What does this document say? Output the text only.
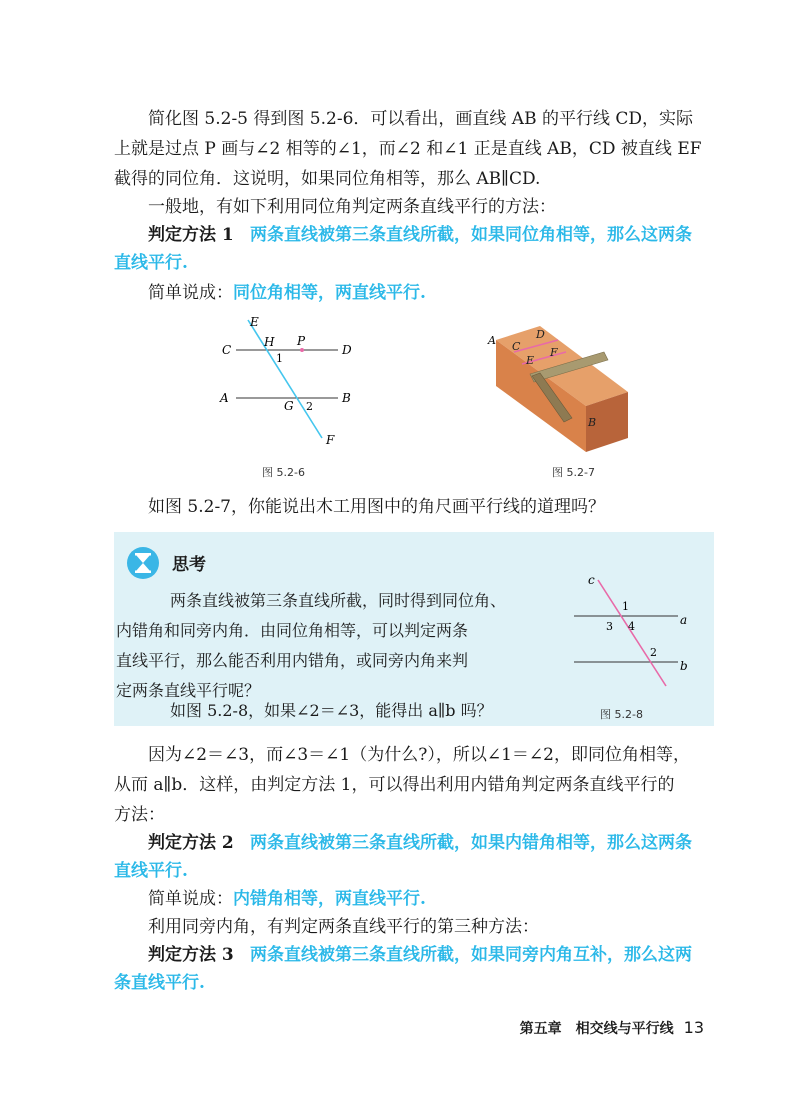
简化图 5.2-5 得到图 5.2-6．可以看出，画直线 AB 的平行线 CD，实际
上就是过点 P 画与∠2 相等的∠1，而∠2 和∠1 正是直线 AB，CD 被直线 EF
截得的同位角．这说明，如果同位角相等，那么 AB∥CD.
一般地，有如下利用同位角判定两条直线平行的方法：
判定方法 1 两条直线被第三条直线所截，如果同位角相等，那么这两条
直线平行.
简单说成：同位角相等，两直线平行.
E
H P
C	D
1
A
G 2
B
F
图 5.2-6
A C
D
E
F
B
图 5.2-7
如图 5.2-7，你能说出木工用图中的角尺画平行线的道理吗？
思考
两条直线被第三条直线所截，同时得到同位角、
内错角和同旁内角．由同位角相等，可以判定两条
直线平行，那么能否利用内错角，或同旁内角来判
定两条直线平行呢？
如图 5.2-8，如果∠2＝∠3，能得出 a∥b 吗？
c
1
3 4	a
2
b
图 5.2-8
因为∠2＝∠3，而∠3＝∠1（为什么?），所以∠1＝∠2，即同位角相等，
从而 a∥b．这样，由判定方法 1，可以得出利用内错角判定两条直线平行的
方法：
判定方法 2 两条直线被第三条直线所截，如果内错角相等，那么这两条
直线平行.
简单说成：内错角相等，两直线平行.
利用同旁内角，有判定两条直线平行的第三种方法：
判定方法 3 两条直线被第三条直线所截，如果同旁内角互补，那么这两
条直线平行.
第五章　相交线与平行线 13
